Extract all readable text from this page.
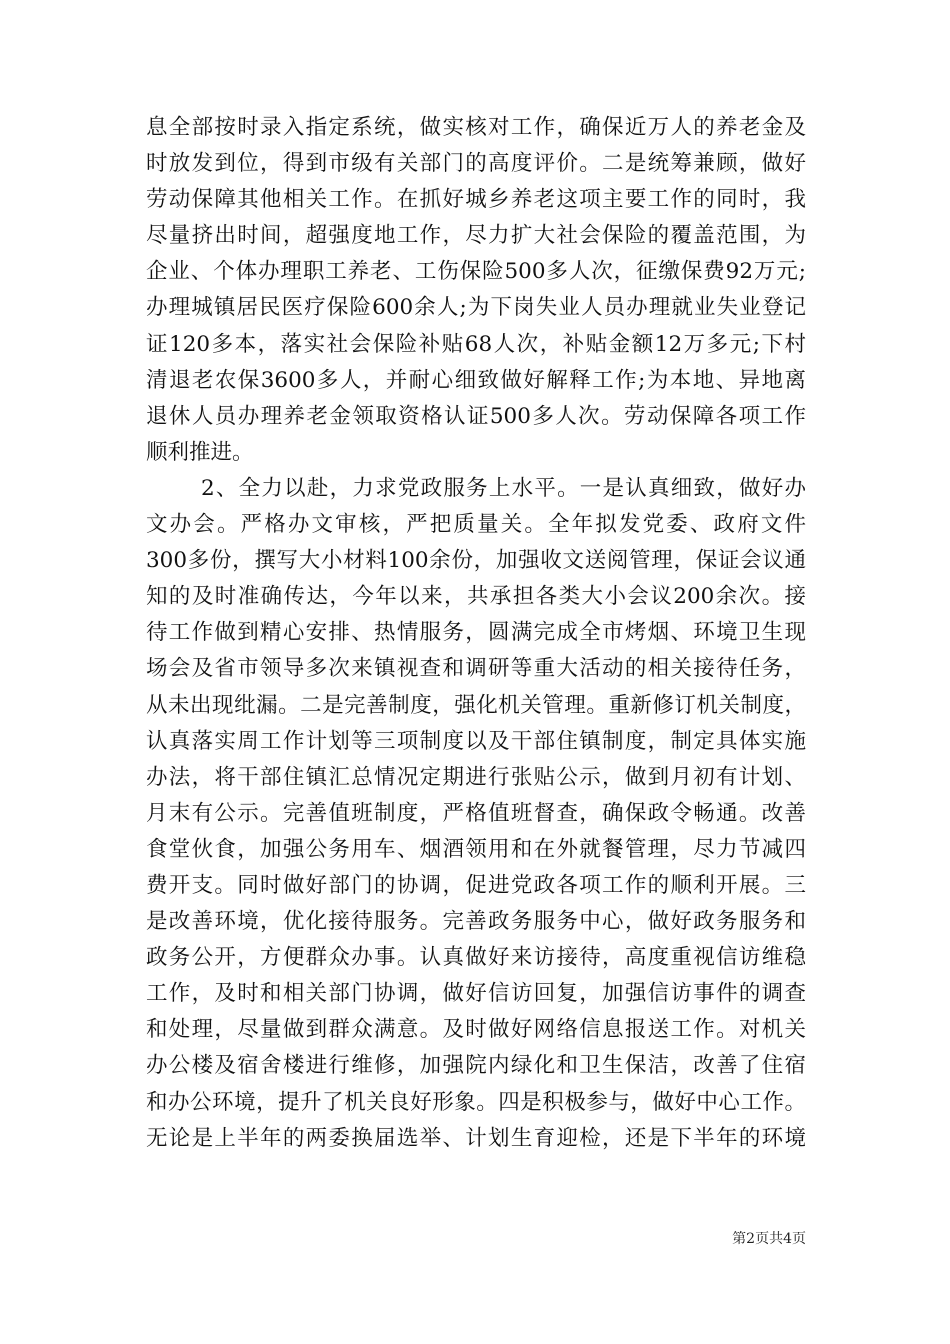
息全部按时录入指定系统，做实核对工作，确保近万人的养老金及
时放发到位，得到市级有关部门的高度评价。二是统筹兼顾，做好
劳动保障其他相关工作。在抓好城乡养老这项主要工作的同时，我
尽量挤出时间，超强度地工作，尽力扩大社会保险的覆盖范围，为
企业、个体办理职工养老、工伤保险500多人次，征缴保费92万元;
办理城镇居民医疗保险600余人;为下岗失业人员办理就业失业登记
证120多本，落实社会保险补贴68人次，补贴金额12万多元;下村
清退老农保3600多人，并耐心细致做好解释工作;为本地、异地离
退休人员办理养老金领取资格认证500多人次。劳动保障各项工作
顺利推进。
2、全力以赴，力求党政服务上水平。一是认真细致，做好办
文办会。严格办文审核，严把质量关。全年拟发党委、政府文件
300多份，撰写大小材料100余份，加强收文送阅管理，保证会议通
知的及时准确传达，今年以来，共承担各类大小会议200余次。接
待工作做到精心安排、热情服务，圆满完成全市烤烟、环境卫生现
场会及省市领导多次来镇视查和调研等重大活动的相关接待任务，
从未出现纰漏。二是完善制度，强化机关管理。重新修订机关制度，
认真落实周工作计划等三项制度以及干部住镇制度，制定具体实施
办法，将干部住镇汇总情况定期进行张贴公示，做到月初有计划、
月末有公示。完善值班制度，严格值班督查，确保政令畅通。改善
食堂伙食，加强公务用车、烟酒领用和在外就餐管理，尽力节减四
费开支。同时做好部门的协调，促进党政各项工作的顺利开展。三
是改善环境，优化接待服务。完善政务服务中心，做好政务服务和
政务公开，方便群众办事。认真做好来访接待，高度重视信访维稳
工作，及时和相关部门协调，做好信访回复，加强信访事件的调查
和处理，尽量做到群众满意。及时做好网络信息报送工作。对机关
办公楼及宿舍楼进行维修，加强院内绿化和卫生保洁，改善了住宿
和办公环境，提升了机关良好形象。四是积极参与，做好中心工作。
无论是上半年的两委换届选举、计划生育迎检，还是下半年的环境
第2页共4页
